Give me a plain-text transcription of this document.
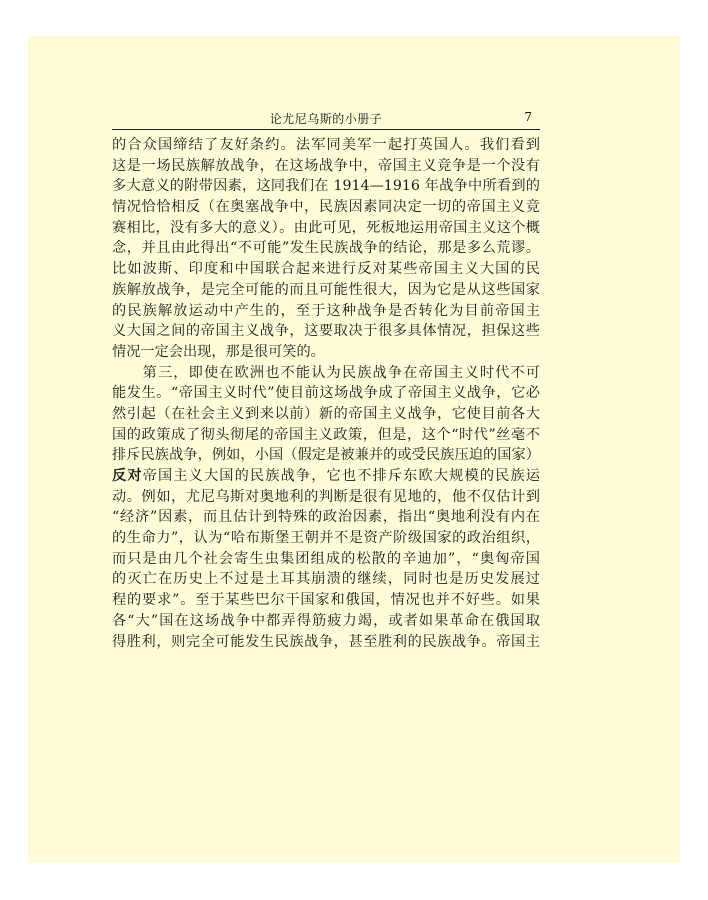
论尤尼乌斯的小册子	7
的合众国缔结了友好条约。法军同美军一起打英国人。我们看到
这是一场民族解放战争，在这场战争中，帝国主义竞争是一个没有
多大意义的附带因素，这同我们在 1914—1916 年战争中所看到的
情况恰恰相反（在奥塞战争中，民族因素同决定一切的帝国主义竞
赛相比，没有多大的意义）。由此可见，死板地运用帝国主义这个概
念，并且由此得出“不可能”发生民族战争的结论，那是多么荒谬。
比如波斯、印度和中国联合起来进行反对某些帝国主义大国的民
族解放战争，是完全可能的而且可能性很大，因为它是从这些国家
的民族解放运动中产生的，至于这种战争是否转化为目前帝国主
义大国之间的帝国主义战争，这要取决于很多具体情况，担保这些
情况一定会出现，那是很可笑的。
　　第三，即使在欧洲也不能认为民族战争在帝国主义时代不可
能发生。“帝国主义时代”使目前这场战争成了帝国主义战争，它必
然引起（在社会主义到来以前）新的帝国主义战争，它使目前各大
国的政策成了彻头彻尾的帝国主义政策，但是，这个“时代”丝毫不
排斥民族战争，例如，小国（假定是被兼并的或受民族压迫的国家）
反对帝国主义大国的民族战争，它也不排斥东欧大规模的民族运
动。例如，尤尼乌斯对奥地利的判断是很有见地的，他不仅估计到
“经济”因素，而且估计到特殊的政治因素，指出“奥地利没有内在
的生命力”，认为“哈布斯堡王朝并不是资产阶级国家的政治组织，
而只是由几个社会寄生虫集团组成的松散的辛迪加”，“奥匈帝国
的灭亡在历史上不过是土耳其崩溃的继续，同时也是历史发展过
程的要求”。至于某些巴尔干国家和俄国，情况也并不好些。如果
各“大”国在这场战争中都弄得筋疲力竭，或者如果革命在俄国取
得胜利，则完全可能发生民族战争，甚至胜利的民族战争。帝国主
